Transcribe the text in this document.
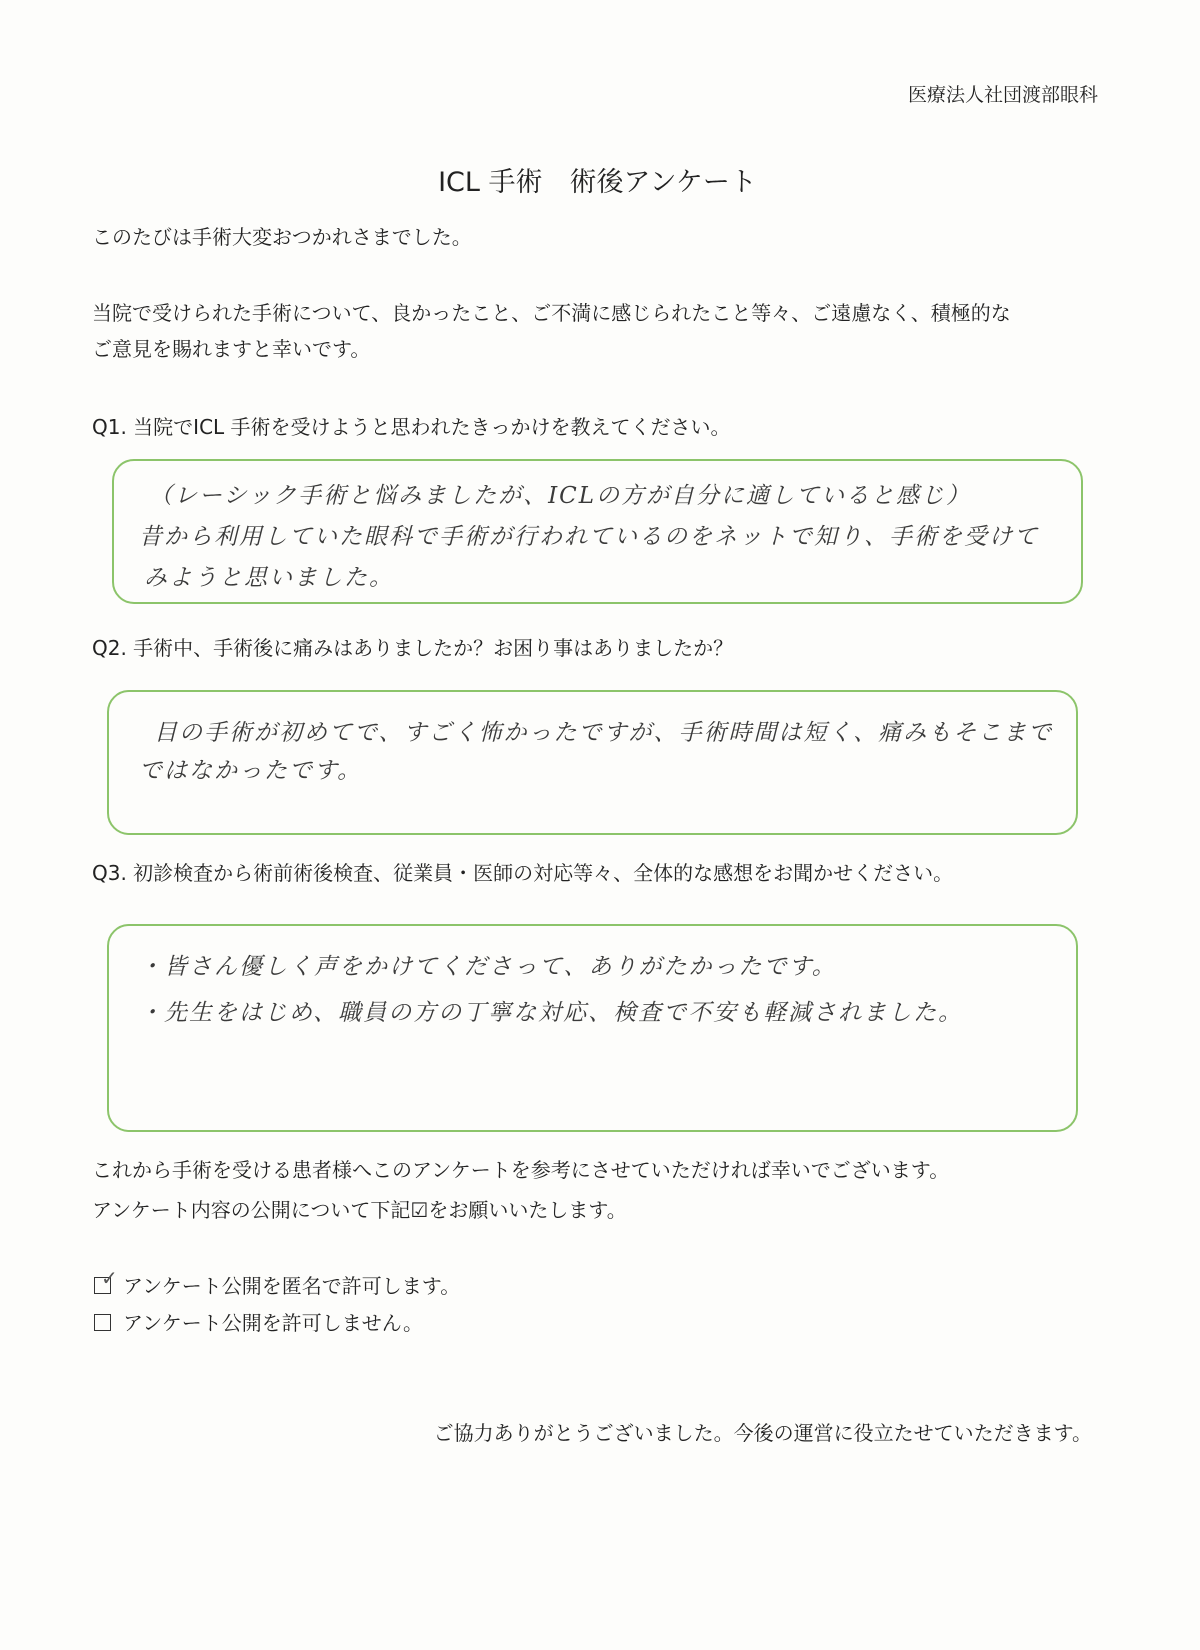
医療法人社団渡部眼科
ICL 手術　術後アンケート
このたびは手術大変おつかれさまでした。
当院で受けられた手術について、良かったこと、ご不満に感じられたこと等々、ご遠慮なく、積極的な
ご意見を賜れますと幸いです。
Q1. 当院でICL 手術を受けようと思われたきっかけを教えてください。
（レーシック手術と悩みましたが、ICLの方が自分に適していると感じ）
昔から利用していた眼科で手術が行われているのをネットで知り、手術を受けて
みようと思いました。
Q2. 手術中、手術後に痛みはありましたか？お困り事はありましたか？
目の手術が初めてで、すごく怖かったですが、手術時間は短く、痛みもそこまで
ではなかったです。
Q3. 初診検査から術前術後検査、従業員・医師の対応等々、全体的な感想をお聞かせください。
・皆さん優しく声をかけてくださって、ありがたかったです。
・先生をはじめ、職員の方の丁寧な対応、検査で不安も軽減されました。
これから手術を受ける患者様へこのアンケートを参考にさせていただければ幸いでございます。
アンケート内容の公開について下記☑をお願いいたします。
✓ アンケート公開を匿名で許可します。
アンケート公開を許可しません。
ご協力ありがとうございました。今後の運営に役立たせていただきます。
